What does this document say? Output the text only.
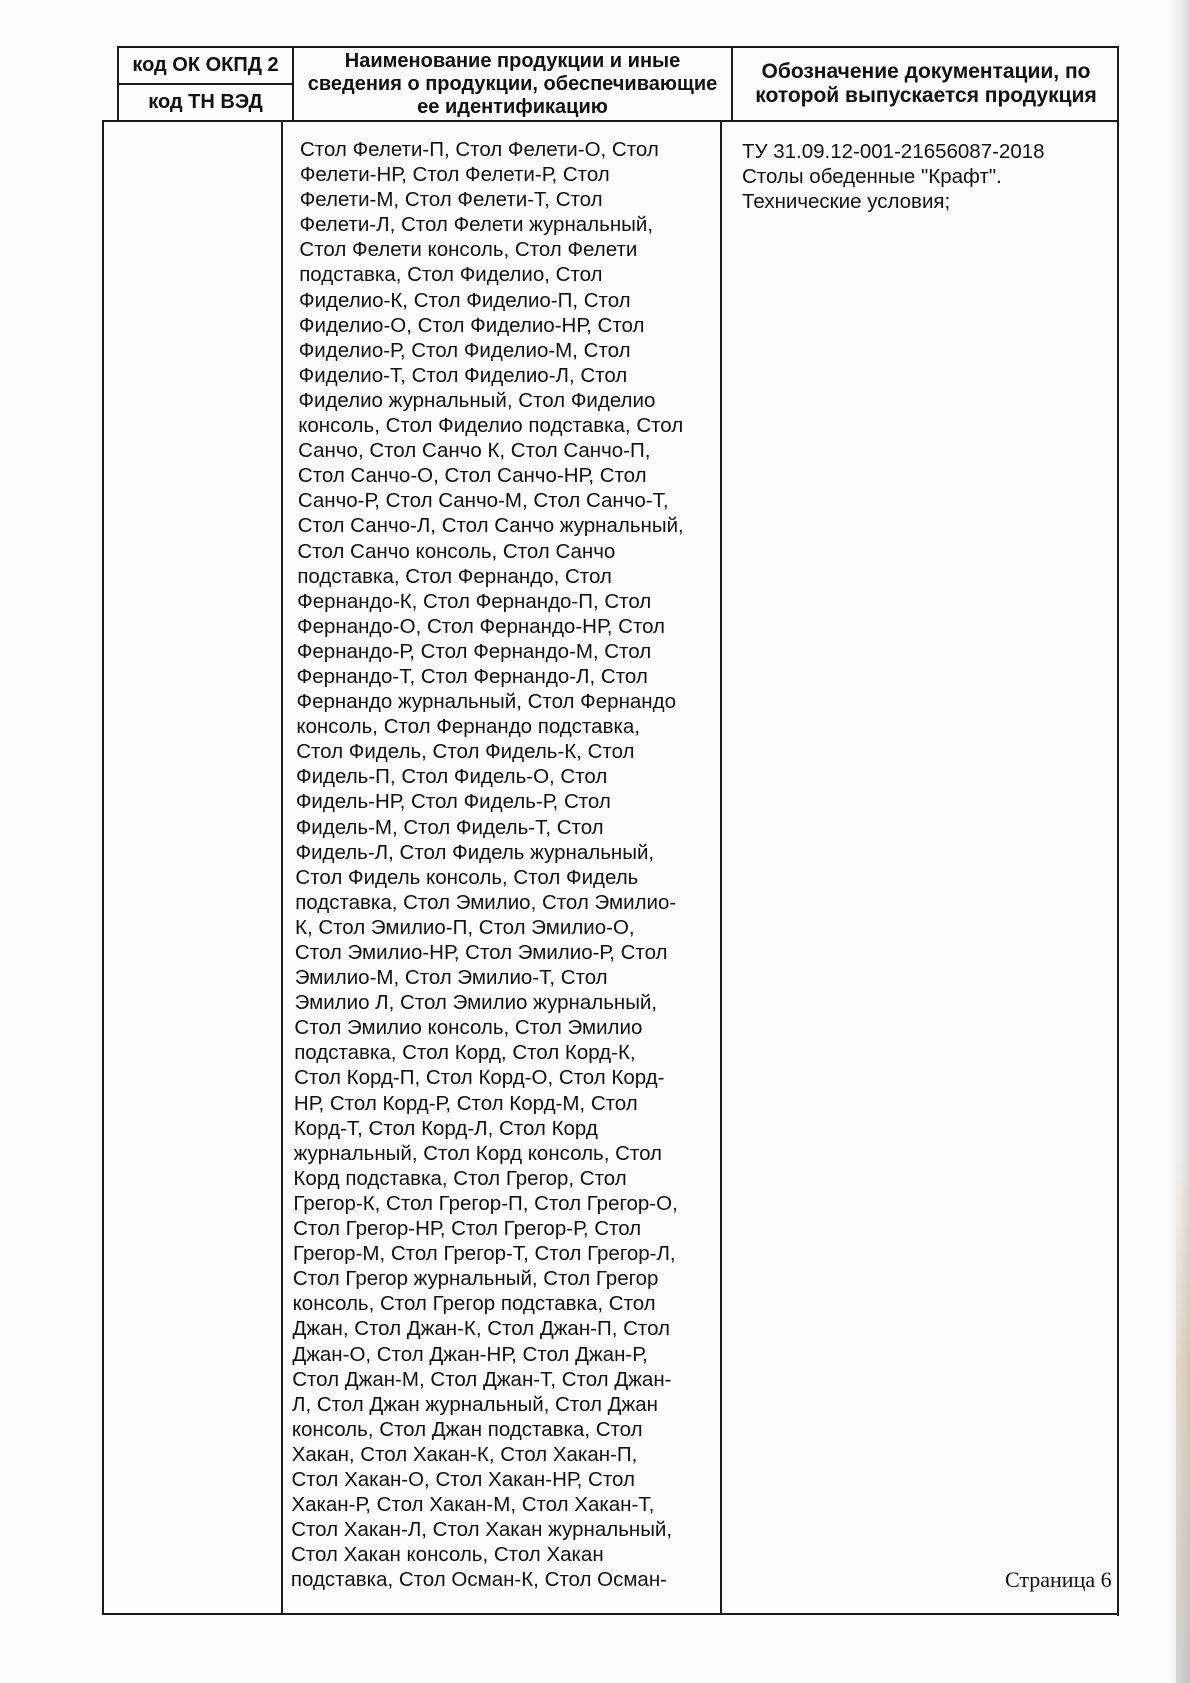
код ОК ОКПД 2
код ТН ВЭД
Наименование продукции и иные сведения о продукции, обеспечивающие ее идентификацию
Обозначение документации, по которой выпускается продукция
Стол Фелети-П, Стол Фелети-О, Стол
Фелети-НР, Стол Фелети-Р, Стол
Фелети-М, Стол Фелети-Т, Стол
Фелети-Л, Стол Фелети журнальный,
Стол Фелети консоль, Стол Фелети
подставка, Стол Фиделио, Стол
Фиделио-К, Стол Фиделио-П, Стол
Фиделио-О, Стол Фиделио-НР, Стол
Фиделио-Р, Стол Фиделио-М, Стол
Фиделио-Т, Стол Фиделио-Л, Стол
Фиделио журнальный, Стол Фиделио
консоль, Стол Фиделио подставка, Стол
Санчо, Стол Санчо К, Стол Санчо-П,
Стол Санчо-О, Стол Санчо-НР, Стол
Санчо-Р, Стол Санчо-М, Стол Санчо-Т,
Стол Санчо-Л, Стол Санчо журнальный,
Стол Санчо консоль, Стол Санчо
подставка, Стол Фернандо, Стол
Фернандо-К, Стол Фернандо-П, Стол
Фернандо-О, Стол Фернандо-НР, Стол
Фернандо-Р, Стол Фернандо-М, Стол
Фернандо-Т, Стол Фернандо-Л, Стол
Фернандо журнальный, Стол Фернандо
консоль, Стол Фернандо подставка,
Стол Фидель, Стол Фидель-К, Стол
Фидель-П, Стол Фидель-О, Стол
Фидель-НР, Стол Фидель-Р, Стол
Фидель-М, Стол Фидель-Т, Стол
Фидель-Л, Стол Фидель журнальный,
Стол Фидель консоль, Стол Фидель
подставка, Стол Эмилио, Стол Эмилио-
К, Стол Эмилио-П, Стол Эмилио-О,
Стол Эмилио-НР, Стол Эмилио-Р, Стол
Эмилио-М, Стол Эмилио-Т, Стол
Эмилио Л, Стол Эмилио журнальный,
Стол Эмилио консоль, Стол Эмилио
подставка, Стол Корд, Стол Корд-К,
Стол Корд-П, Стол Корд-О, Стол Корд-
НР, Стол Корд-Р, Стол Корд-М, Стол
Корд-Т, Стол Корд-Л, Стол Корд
журнальный, Стол Корд консоль, Стол
Корд подставка, Стол Грегор, Стол
Грегор-К, Стол Грегор-П, Стол Грегор-О,
Стол Грегор-НР, Стол Грегор-Р, Стол
Грегор-М, Стол Грегор-Т, Стол Грегор-Л,
Стол Грегор журнальный, Стол Грегор
консоль, Стол Грегор подставка, Стол
Джан, Стол Джан-К, Стол Джан-П, Стол
Джан-О, Стол Джан-НР, Стол Джан-Р,
Стол Джан-М, Стол Джан-Т, Стол Джан-
Л, Стол Джан журнальный, Стол Джан
консоль, Стол Джан подставка, Стол
Хакан, Стол Хакан-К, Стол Хакан-П,
Стол Хакан-О, Стол Хакан-НР, Стол
Хакан-Р, Стол Хакан-М, Стол Хакан-Т,
Стол Хакан-Л, Стол Хакан журнальный,
Стол Хакан консоль, Стол Хакан
подставка, Стол Осман-К, Стол Осман-
ТУ 31.09.12-001-21656087-2018
Столы обеденные "Крафт".
Технические условия;
Страница 6
